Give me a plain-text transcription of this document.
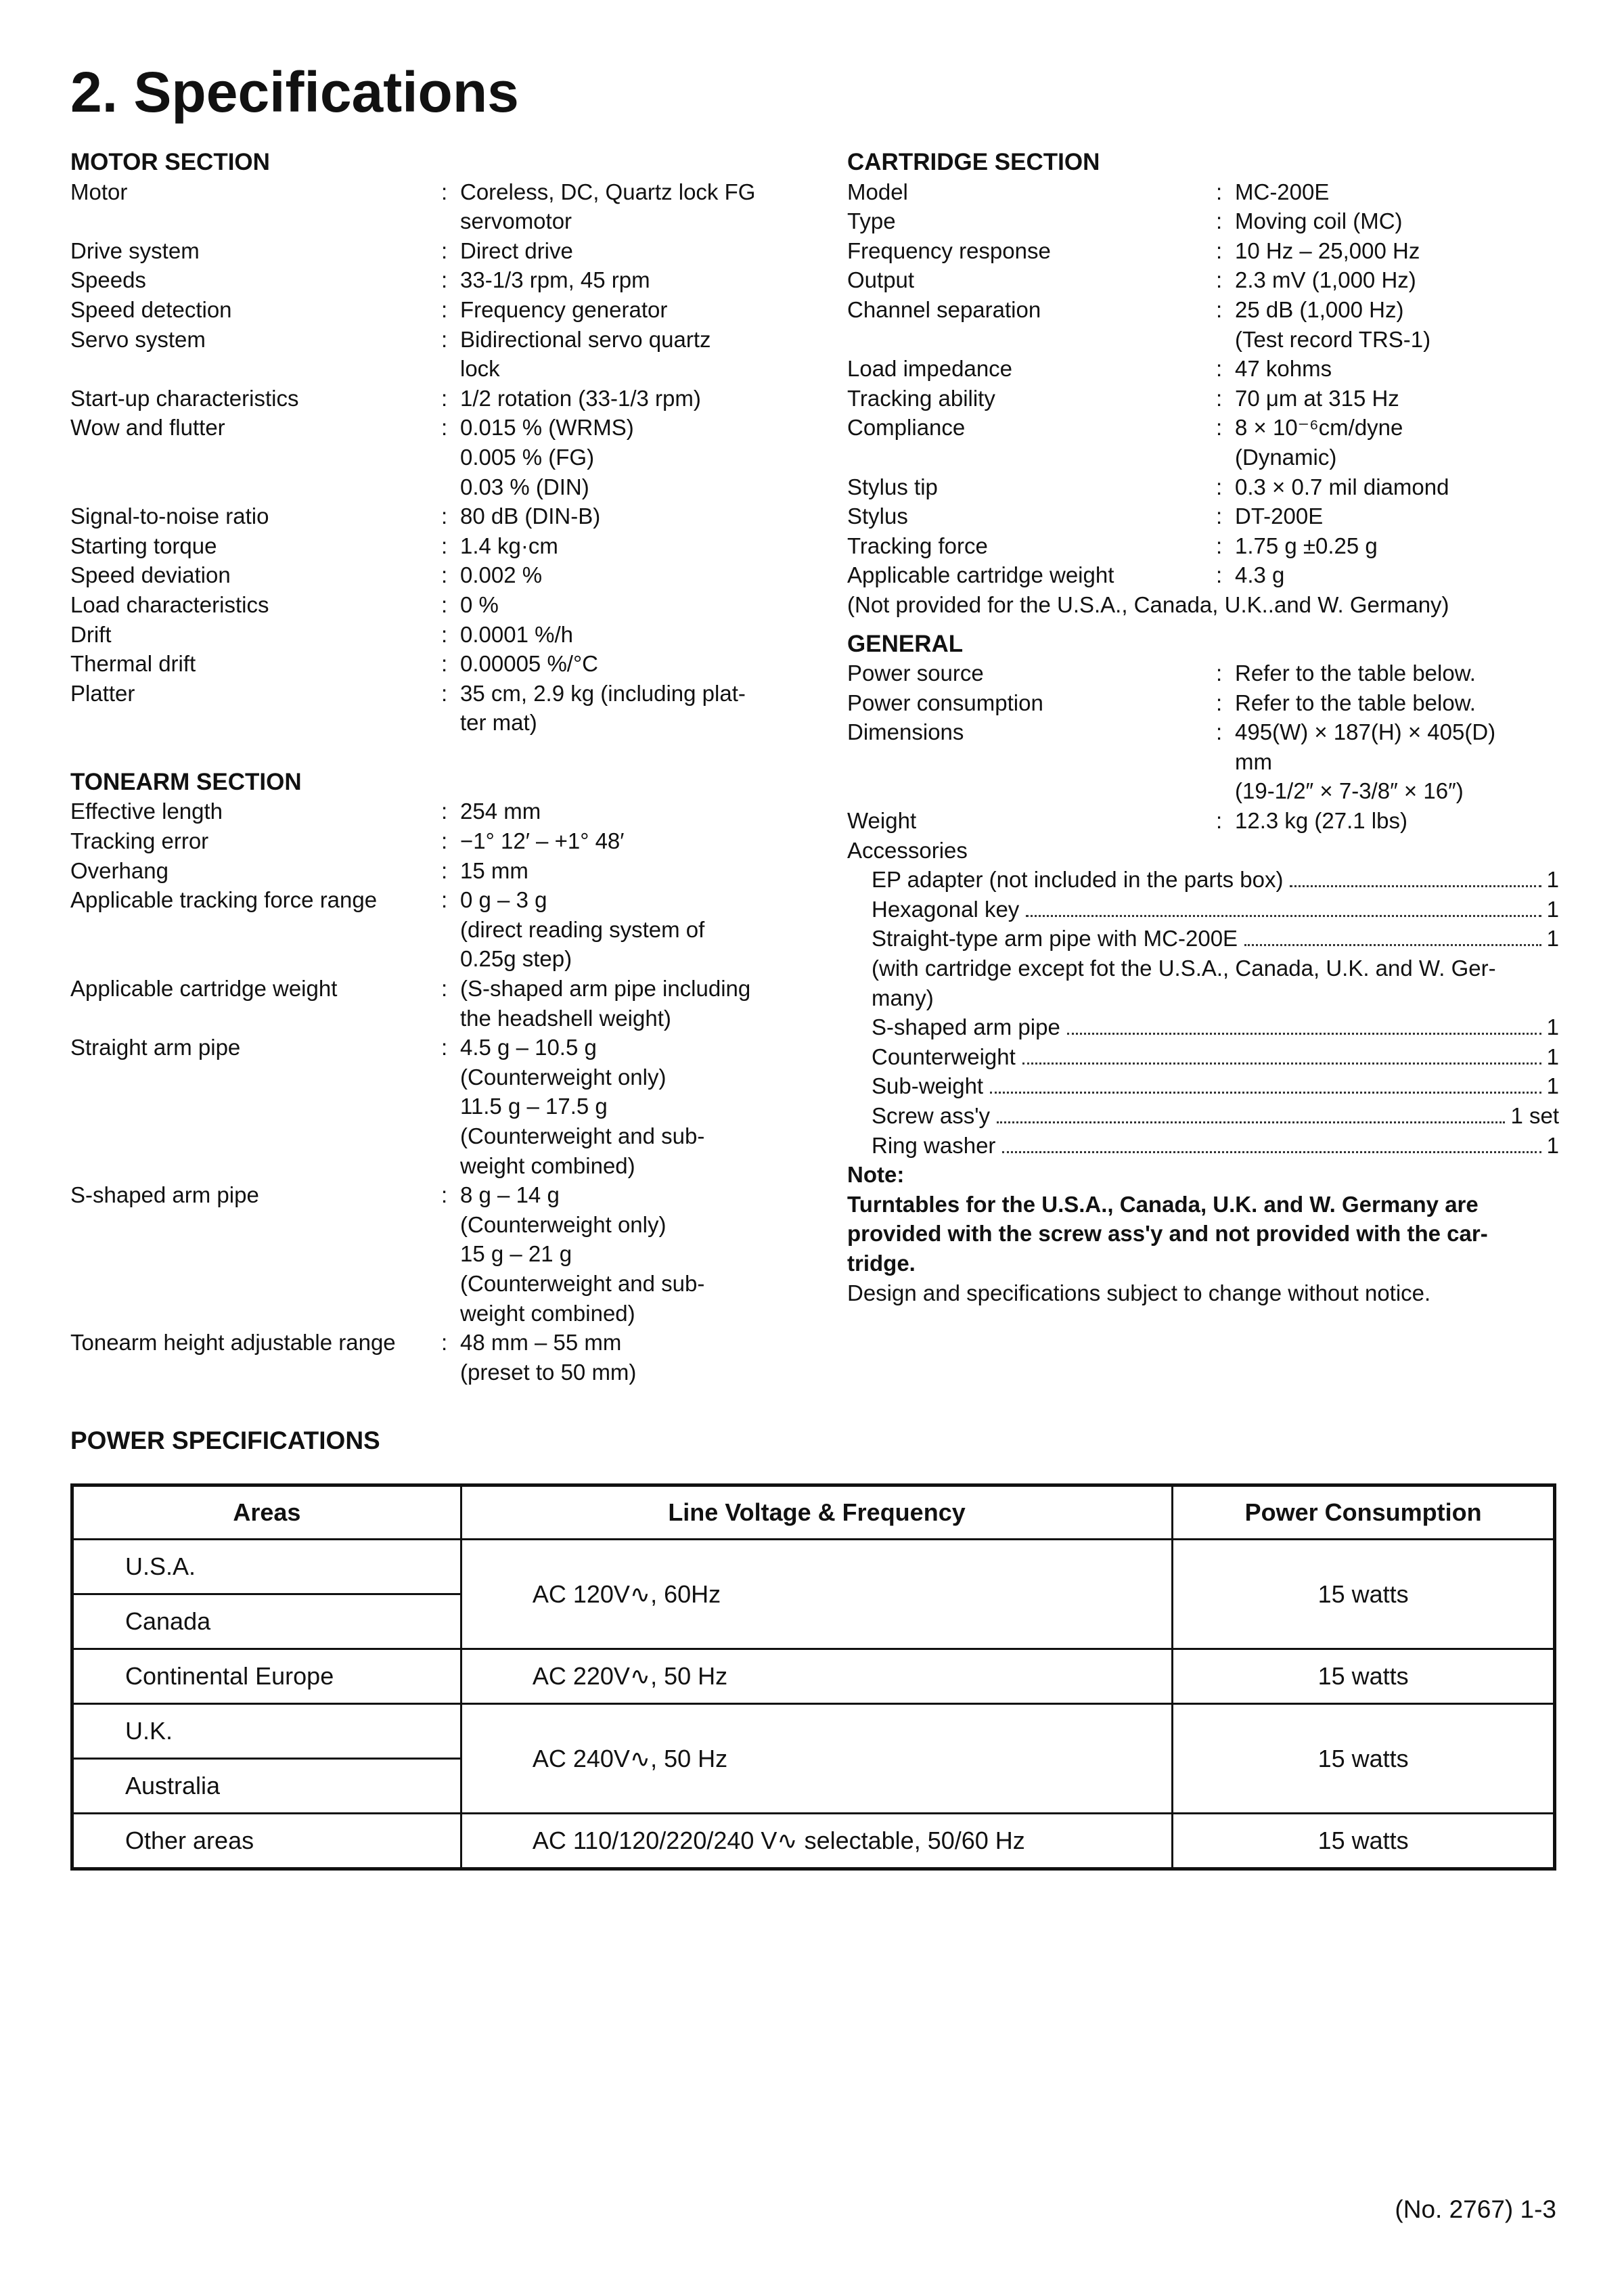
2. Specifications
MOTOR SECTION
Motor	: Coreless, DC, Quartz lock FG
servomotor
Drive system	: Direct drive
Speeds	: 33-1/3 rpm, 45 rpm
Speed detection	: Frequency generator
Servo system	: Bidirectional servo quartz
lock
Start-up characteristics	: 1/2 rotation (33-1/3 rpm)
Wow and flutter	: 0.015 % (WRMS)
0.005 % (FG)
0.03 % (DIN)
Signal-to-noise ratio	: 80 dB (DIN-B)
Starting torque	: 1.4 kg·cm
Speed deviation	: 0.002 %
Load characteristics	: 0 %
Drift	: 0.0001 %/h
Thermal drift	: 0.00005 %/°C
Platter	: 35 cm, 2.9 kg (including plat-
ter mat)
TONEARM SECTION
Effective length	: 254 mm
Tracking error	: −1° 12′ – +1° 48′
Overhang	: 15 mm
Applicable tracking force range	: 0 g – 3 g
(direct reading system of
0.25g step)
Applicable cartridge weight	: (S-shaped arm pipe including
the headshell weight)
Straight arm pipe	: 4.5 g – 10.5 g
(Counterweight only)
11.5 g – 17.5 g
(Counterweight and sub-
weight combined)
S-shaped arm pipe	: 8 g – 14 g
(Counterweight only)
15 g – 21 g
(Counterweight and sub-
weight combined)
Tonearm height adjustable range	: 48 mm – 55 mm
(preset to 50 mm)
CARTRIDGE SECTION
Model	: MC-200E
Type	: Moving coil (MC)
Frequency response	: 10 Hz – 25,000 Hz
Output	: 2.3 mV (1,000 Hz)
Channel separation	: 25 dB (1,000 Hz)
(Test record TRS-1)
Load impedance	: 47 kohms
Tracking ability	: 70 μm at 315 Hz
Compliance	: 8 × 10⁻⁶cm/dyne
(Dynamic)
Stylus tip	: 0.3 × 0.7 mil diamond
Stylus	: DT-200E
Tracking force	: 1.75 g ±0.25 g
Applicable cartridge weight	: 4.3 g
(Not provided for the U.S.A., Canada, U.K..and W. Germany)
GENERAL
Power source	: Refer to the table below.
Power consumption	: Refer to the table below.
Dimensions	: 495(W) × 187(H) × 405(D)
mm
(19-1/2″ × 7-3/8″ × 16″)
Weight	: 12.3 kg (27.1 lbs)
Accessories
EP adapter (not included in the parts box)	1
Hexagonal key	1
Straight-type arm pipe with MC-200E	1
(with cartridge except fot the U.S.A., Canada, U.K. and W. Ger-
many)
S-shaped arm pipe	1
Counterweight	1
Sub-weight	1
Screw ass'y	1 set
Ring washer	1
Note:
Turntables for the U.S.A., Canada, U.K. and W. Germany are
provided with the screw ass'y and not provided with the car-
tridge.
Design and specifications subject to change without notice.
POWER SPECIFICATIONS
Areas	Line Voltage & Frequency	Power Consumption
U.S.A.	AC 120V∿, 60Hz	15 watts
Canada		
Continental Europe	AC 220V∿, 50 Hz	15 watts
U.K.	AC 240V∿, 50 Hz	15 watts
Australia		
Other areas	AC 110/120/220/240 V∿ selectable, 50/60 Hz	15 watts
(No. 2767) 1-3
